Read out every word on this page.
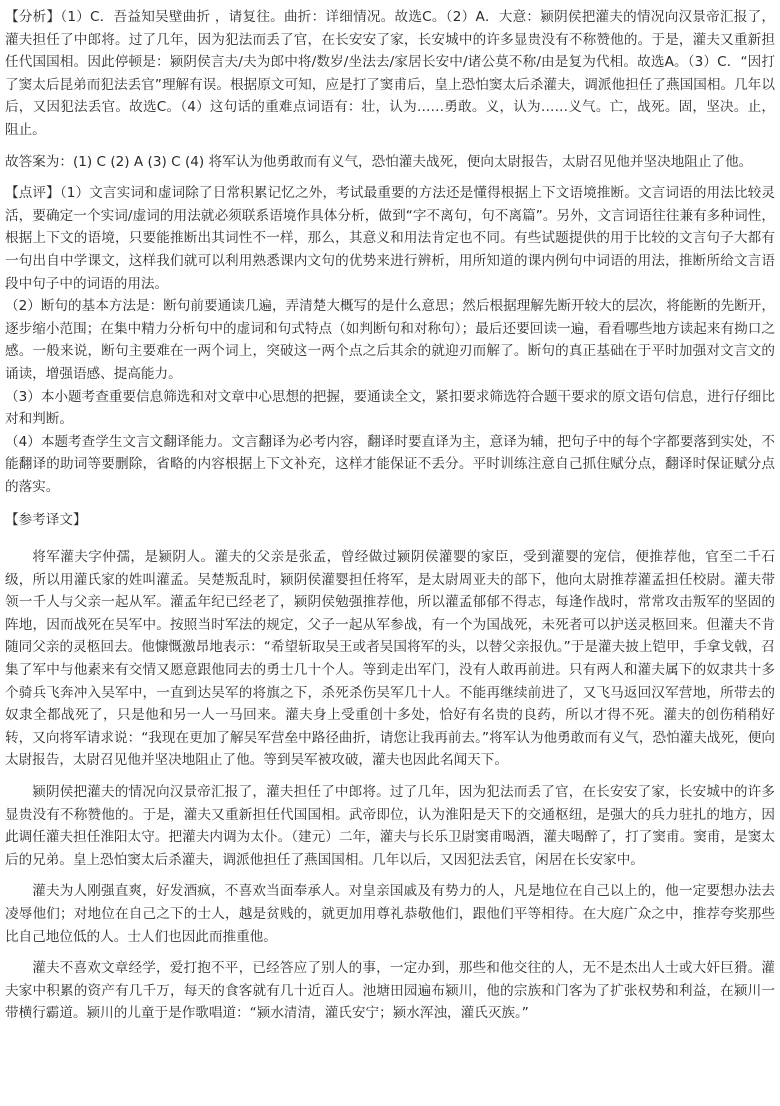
【分析】（1）C．吾益知吴壁曲折 ，请复往。曲折：详细情况。故选C。（2）A．大意：颍阴侯把灌夫的情况向汉景帝汇报了，灌夫担任了中郎将。过了几年，因为犯法而丢了官，在长安安了家，长安城中的许多显贵没有不称赞他的。于是，灌夫又重新担任代国国相。因此停顿是：颍阴侯言夫/夫为郎中将/数岁/坐法去/家居长安中/诸公莫不称/由是复为代相。故选A。（3）C．“因打了窦太后昆弟而犯法丢官”理解有误。根据原文可知，应是打了窦甫后，皇上恐怕窦太后杀灌夫，调派他担任了燕国国相。几年以后，又因犯法丢官。故选C。（4）这句话的重难点词语有：壮，认为……勇敢。义，认为……义气。亡，战死。固，坚决。止，阻止。

故答案为：(1) C (2) A (3) C (4) 将军认为他勇敢而有义气，恐怕灌夫战死，便向太尉报告，太尉召见他并坚决地阻止了他。

【点评】（1）文言实词和虚词除了日常积累记忆之外，考试最重要的方法还是懂得根据上下文语境推断。文言词语的用法比较灵活，要确定一个实词/虚词的用法就必须联系语境作具体分析，做到“字不离句，句不离篇”。另外，文言词语往往兼有多种词性，根据上下文的语境，只要能推断出其词性不一样，那么，其意义和用法肯定也不同。有些试题提供的用于比较的文言句子大都有一句出自中学课文，这样我们就可以利用熟悉课内文句的优势来进行辨析，用所知道的课内例句中词语的用法，推断所给文言语段中句子中的词语的用法。

（2）断句的基本方法是：断句前要通读几遍，弄清楚大概写的是什么意思；然后根据理解先断开较大的层次，将能断的先断开，逐步缩小范围；在集中精力分析句中的虚词和句式特点（如判断句和对称句）；最后还要回读一遍，看看哪些地方读起来有拗口之感。一般来说，断句主要难在一两个词上，突破这一两个点之后其余的就迎刃而解了。断句的真正基础在于平时加强对文言文的诵读，增强语感、提高能力。

（3）本小题考查重要信息筛选和对文章中心思想的把握，要通读全文，紧扣要求筛选符合题干要求的原文语句信息，进行仔细比对和判断。

（4）本题考查学生文言文翻译能力。文言翻译为必考内容，翻译时要直译为主，意译为辅，把句子中的每个字都要落到实处，不能翻译的助词等要删除，省略的内容根据上下文补充，这样才能保证不丢分。平时训练注意自己抓住赋分点，翻译时保证赋分点的落实。

【参考译文】

将军灌夫字仲孺，是颍阴人。灌夫的父亲是张孟，曾经做过颍阴侯灌婴的家臣，受到灌婴的宠信，便推荐他，官至二千石级，所以用灌氏家的姓叫灌孟。吴楚叛乱时，颍阴侯灌婴担任将军，是太尉周亚夫的部下，他向太尉推荐灌孟担任校尉。灌夫带领一千人与父亲一起从军。灌孟年纪已经老了，颍阴侯勉强推荐他，所以灌孟郁郁不得志，每逢作战时，常常攻击叛军的坚固的阵地，因而战死在吴军中。按照当时军法的规定，父子一起从军参战，有一个为国战死，未死者可以护送灵柩回来。但灌夫不肯随同父亲的灵柩回去。他慷慨激昂地表示：“希望斩取吴王或者吴国将军的头，以替父亲报仇。”于是灌夫披上铠甲，手拿戈戟，召集了军中与他素来有交情又愿意跟他同去的勇士几十个人。等到走出军门，没有人敢再前进。只有两人和灌夫属下的奴隶共十多个骑兵飞奔冲入吴军中，一直到达吴军的将旗之下，杀死杀伤吴军几十人。不能再继续前进了，又飞马返回汉军营地，所带去的奴隶全都战死了，只是他和另一人一马回来。灌夫身上受重创十多处，恰好有名贵的良药，所以才得不死。灌夫的创伤稍稍好转，又向将军请求说：“我现在更加了解吴军营垒中路径曲折，请您让我再前去。”将军认为他勇敢而有义气，恐怕灌夫战死，便向太尉报告，太尉召见他并坚决地阻止了他。等到吴军被攻破，灌夫也因此名闻天下。

颍阴侯把灌夫的情况向汉景帝汇报了，灌夫担任了中郎将。过了几年，因为犯法而丢了官，在长安安了家，长安城中的许多显贵没有不称赞他的。于是，灌夫又重新担任代国国相。武帝即位，认为淮阳是天下的交通枢纽，是强大的兵力驻扎的地方，因此调任灌夫担任淮阳太守。把灌夫内调为太仆。（建元）二年，灌夫与长乐卫尉窦甫喝酒，灌夫喝醉了，打了窦甫。窦甫，是窦太后的兄弟。皇上恐怕窦太后杀灌夫，调派他担任了燕国国相。几年以后，又因犯法丢官，闲居在长安家中。

灌夫为人刚强直爽，好发酒疯，不喜欢当面奉承人。对皇亲国戚及有势力的人，凡是地位在自己以上的，他一定要想办法去凌辱他们；对地位在自己之下的士人，越是贫贱的，就更加用尊礼恭敬他们，跟他们平等相待。在大庭广众之中，推荐夸奖那些比自己地位低的人。士人们也因此而推重他。

灌夫不喜欢文章经学，爱打抱不平，已经答应了别人的事，一定办到，那些和他交往的人，无不是杰出人士或大奸巨猾。灌夫家中积累的资产有几千万，每天的食客就有几十近百人。池塘田园遍布颍川，他的宗族和门客为了扩张权势和利益，在颍川一带横行霸道。颍川的儿童于是作歌唱道：“颍水清清，灌氏安宁；颍水浑浊，灌氏灭族。”
